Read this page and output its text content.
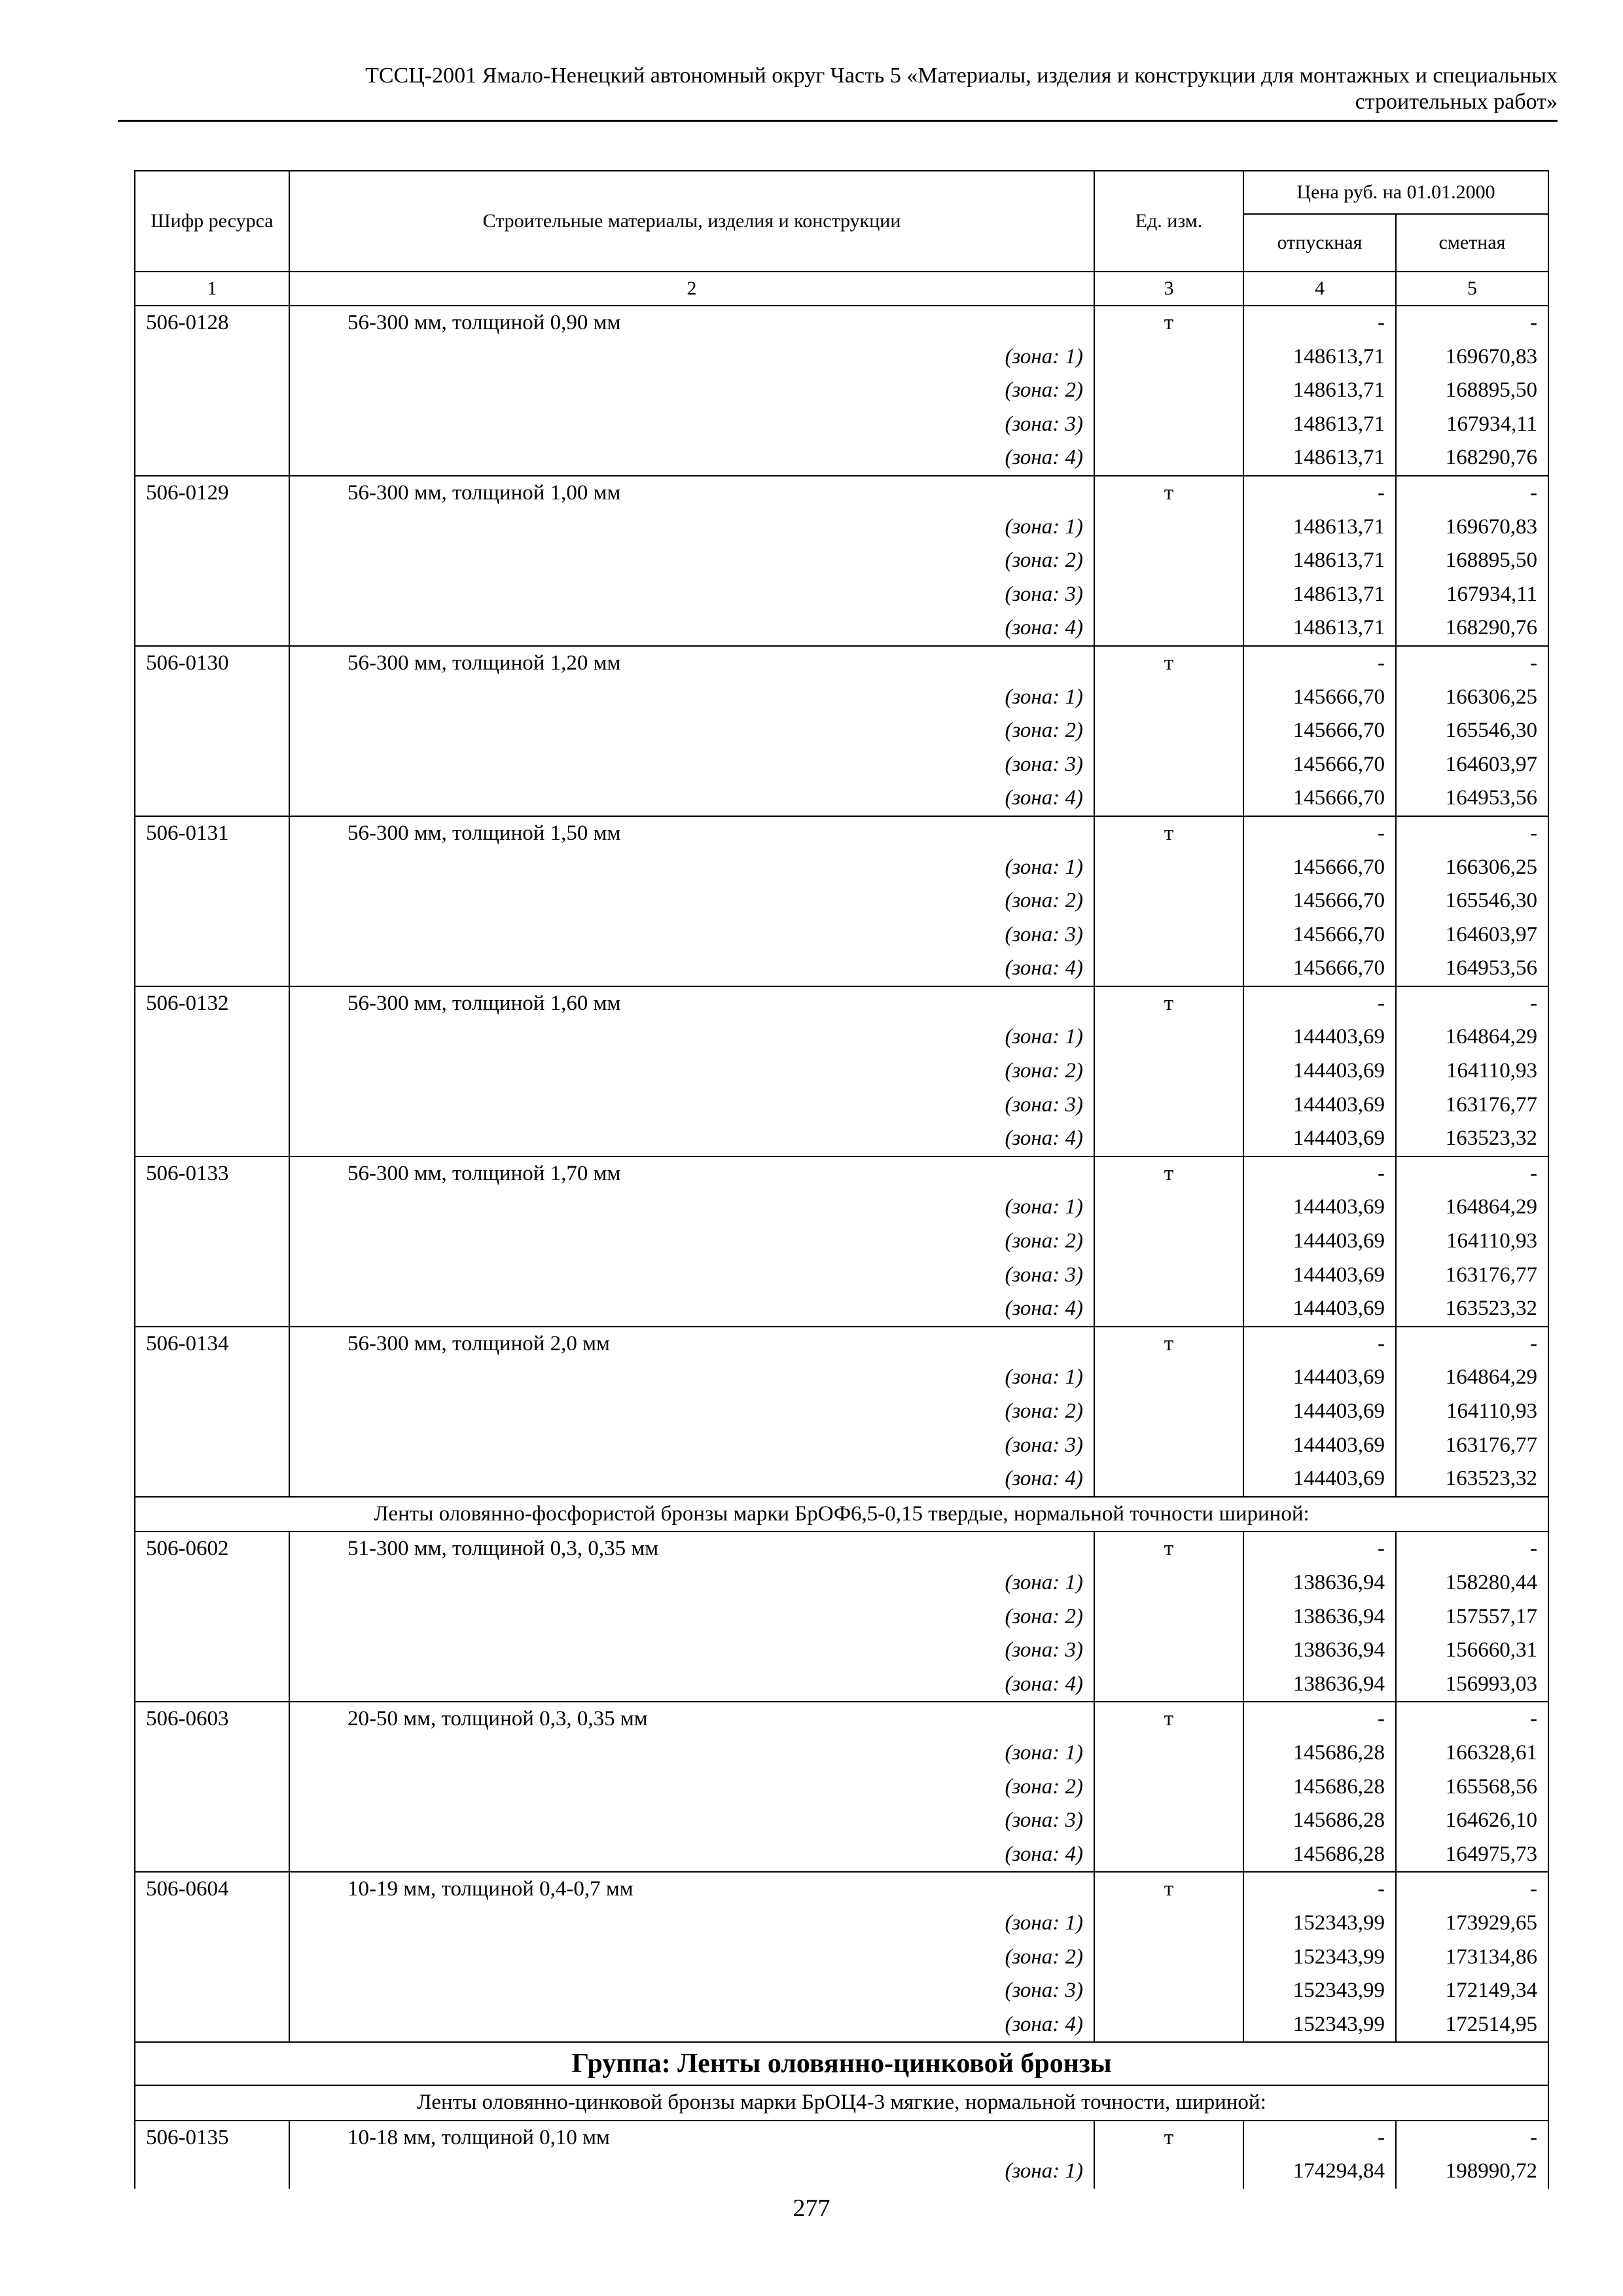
ТССЦ-2001 Ямало-Ненецкий автономный округ Часть 5 «Материалы, изделия и конструкции для монтажных и специальных
строительных работ»
Шифр ресурса	Строительные материалы, изделия и конструкции	Ед. изм.	Цена руб. на 01.01.2000	
			отпускная	сметная
1	2	3	4	5
506-0128	56-300 мм, толщиной 0,90 мм	т	-	-
	(зона: 1)		148613,71	169670,83
	(зона: 2)		148613,71	168895,50
	(зона: 3)		148613,71	167934,11
	(зона: 4)		148613,71	168290,76
506-0129	56-300 мм, толщиной 1,00 мм	т	-	-
	(зона: 1)		148613,71	169670,83
	(зона: 2)		148613,71	168895,50
	(зона: 3)		148613,71	167934,11
	(зона: 4)		148613,71	168290,76
506-0130	56-300 мм, толщиной 1,20 мм	т	-	-
	(зона: 1)		145666,70	166306,25
	(зона: 2)		145666,70	165546,30
	(зона: 3)		145666,70	164603,97
	(зона: 4)		145666,70	164953,56
506-0131	56-300 мм, толщиной 1,50 мм	т	-	-
	(зона: 1)		145666,70	166306,25
	(зона: 2)		145666,70	165546,30
	(зона: 3)		145666,70	164603,97
	(зона: 4)		145666,70	164953,56
506-0132	56-300 мм, толщиной 1,60 мм	т	-	-
	(зона: 1)		144403,69	164864,29
	(зона: 2)		144403,69	164110,93
	(зона: 3)		144403,69	163176,77
	(зона: 4)		144403,69	163523,32
506-0133	56-300 мм, толщиной 1,70 мм	т	-	-
	(зона: 1)		144403,69	164864,29
	(зона: 2)		144403,69	164110,93
	(зона: 3)		144403,69	163176,77
	(зона: 4)		144403,69	163523,32
506-0134	56-300 мм, толщиной 2,0 мм	т	-	-
	(зона: 1)		144403,69	164864,29
	(зона: 2)		144403,69	164110,93
	(зона: 3)		144403,69	163176,77
	(зона: 4)		144403,69	163523,32
Ленты оловянно-фосфористой бронзы марки БрОФ6,5-0,15 твердые, нормальной точности шириной:				
506-0602	51-300 мм, толщиной 0,3, 0,35 мм	т	-	-
	(зона: 1)		138636,94	158280,44
	(зона: 2)		138636,94	157557,17
	(зона: 3)		138636,94	156660,31
	(зона: 4)		138636,94	156993,03
506-0603	20-50 мм, толщиной 0,3, 0,35 мм	т	-	-
	(зона: 1)		145686,28	166328,61
	(зона: 2)		145686,28	165568,56
	(зона: 3)		145686,28	164626,10
	(зона: 4)		145686,28	164975,73
506-0604	10-19 мм, толщиной 0,4-0,7 мм	т	-	-
	(зона: 1)		152343,99	173929,65
	(зона: 2)		152343,99	173134,86
	(зона: 3)		152343,99	172149,34
	(зона: 4)		152343,99	172514,95
Группа: Ленты оловянно-цинковой бронзы				
Ленты оловянно-цинковой бронзы марки БрОЦ4-3 мягкие, нормальной точности, шириной:				
506-0135	10-18 мм, толщиной 0,10 мм	т	-	-
	(зона: 1)		174294,84	198990,72
277
